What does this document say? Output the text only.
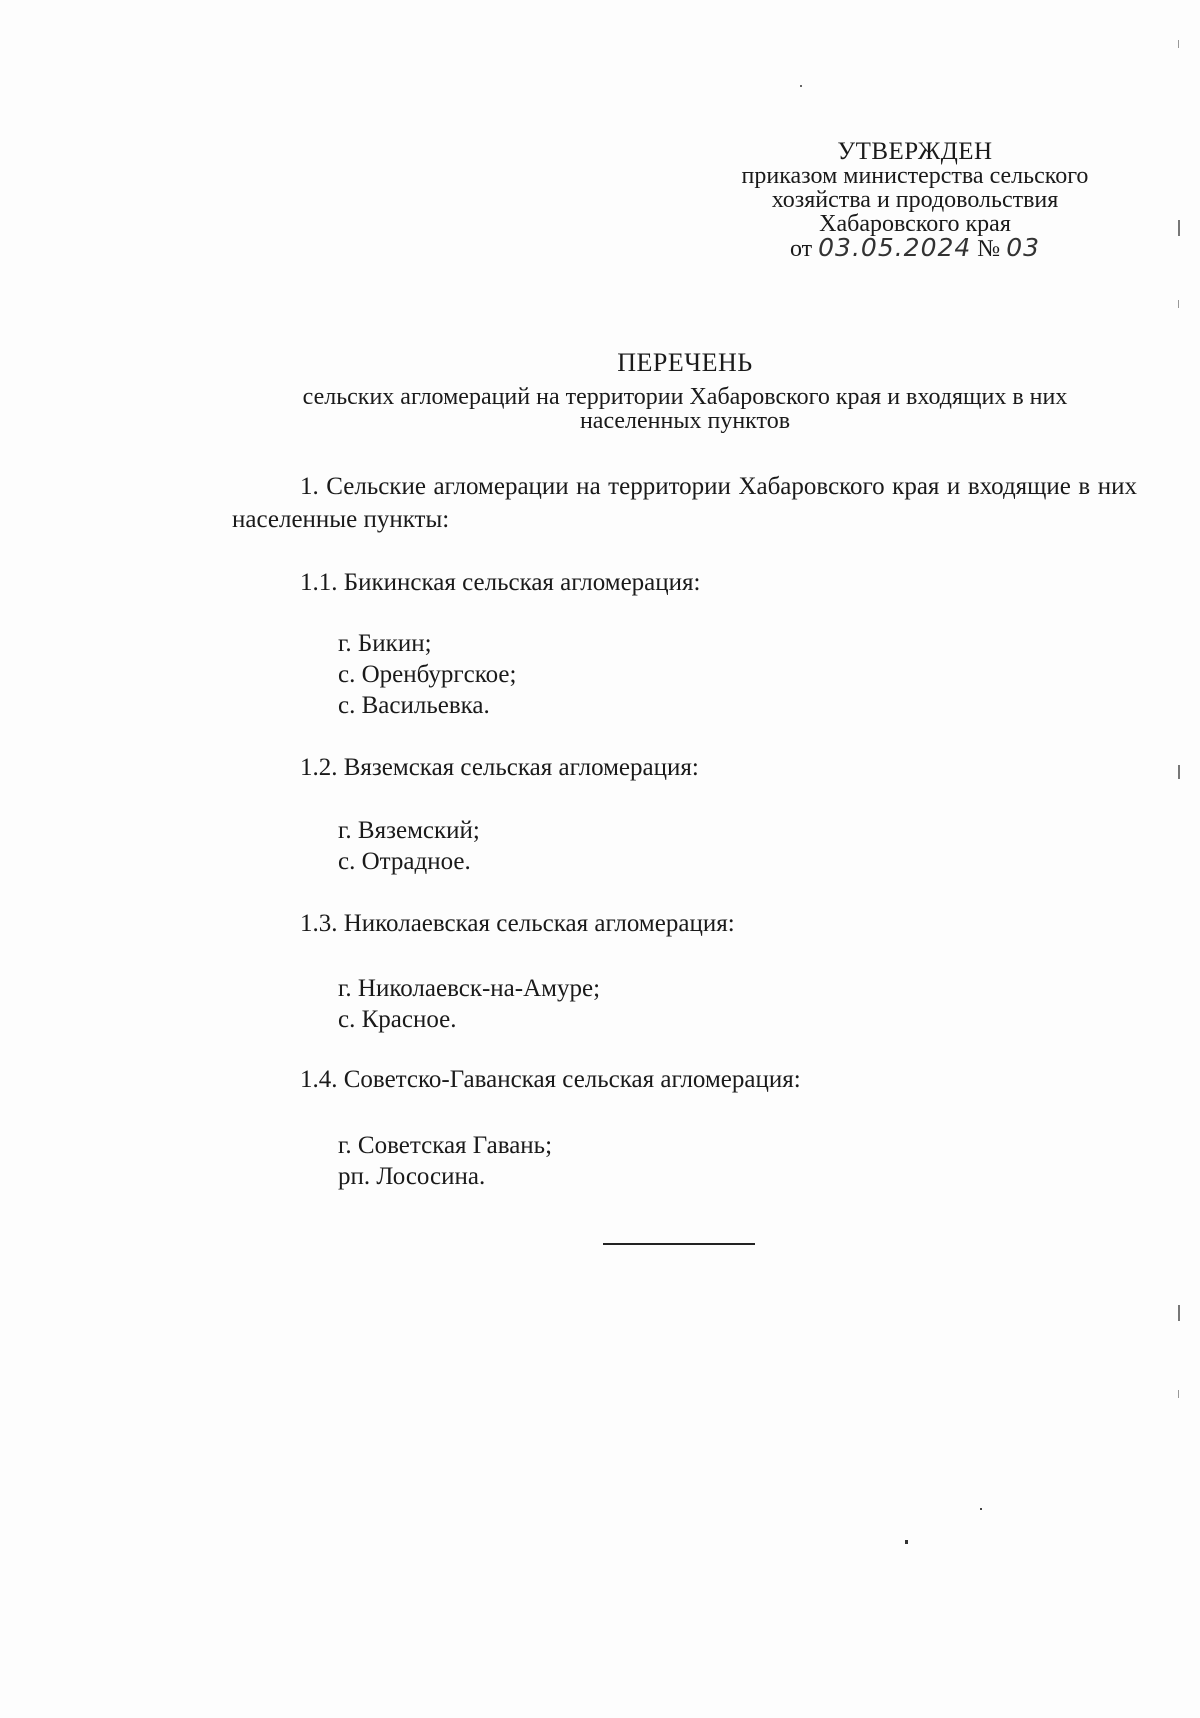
УТВЕРЖДЕН
приказом министерства сельского
хозяйства и продовольствия
Хабаровского края
от 03.05.2024 № 03
ПЕРЕЧЕНЬ
сельских агломераций на территории Хабаровского края и входящих в них
населенных пунктов
1. Сельские агломерации на территории Хабаровского края и входящие в них населенные пункты:
1.1. Бикинская сельская агломерация:
г. Бикин;
с. Оренбургское;
с. Васильевка.
1.2. Вяземская сельская агломерация:
г. Вяземский;
с. Отрадное.
1.3. Николаевская сельская агломерация:
г. Николаевск-на-Амуре;
с. Красное.
1.4. Советско-Гаванская сельская агломерация:
г. Советская Гавань;
рп. Лососина.
